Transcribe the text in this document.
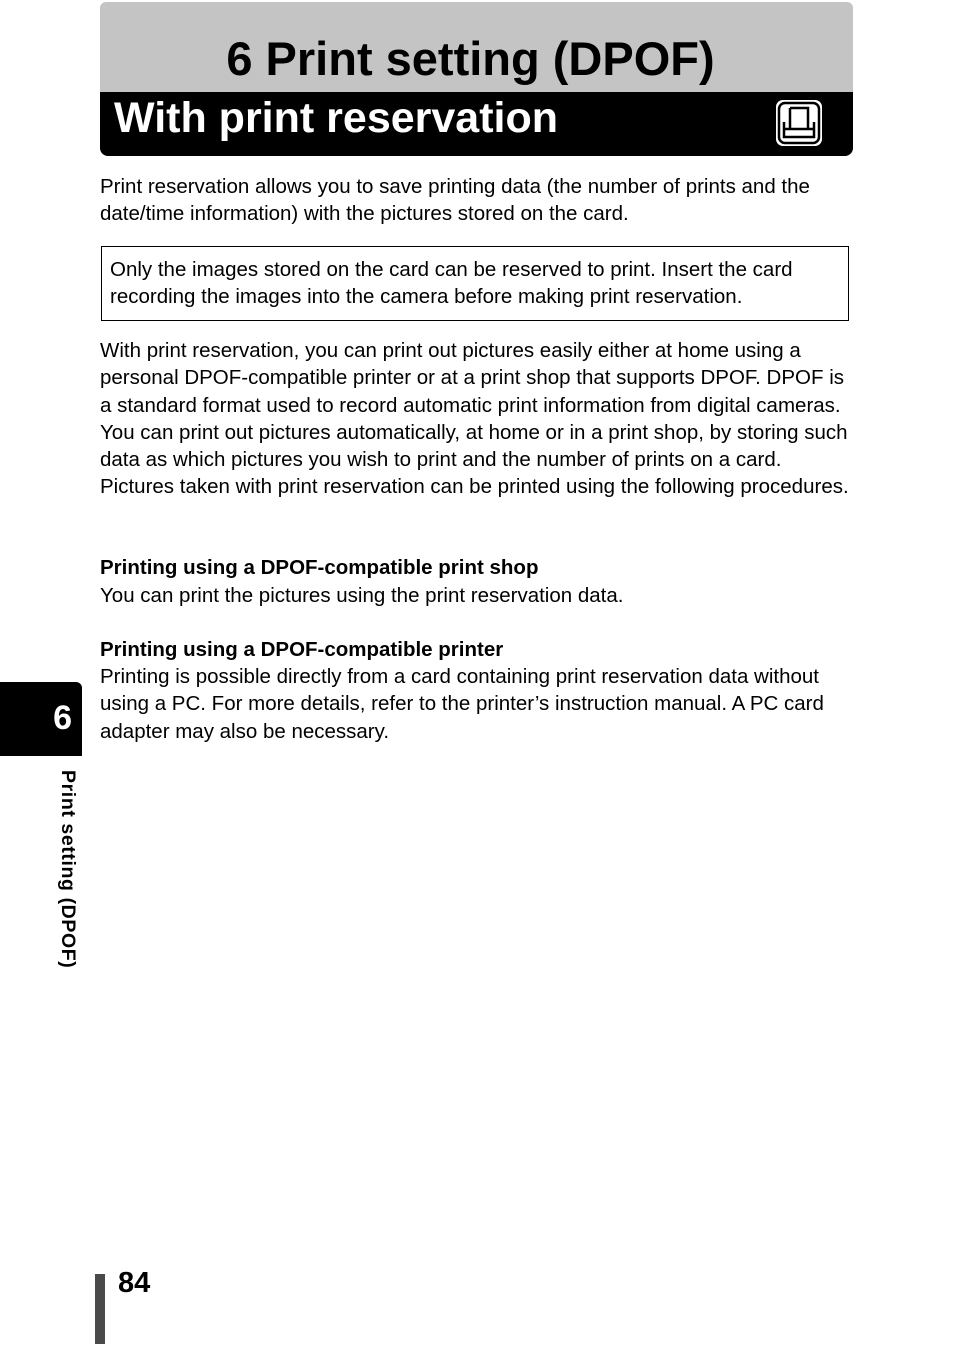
6 Print setting (DPOF)
With print reservation

Print reservation allows you to save printing data (the number of prints and the date/time information) with the pictures stored on the card.

Only the images stored on the card can be reserved to print. Insert the card
recording the images into the camera before making print reservation.

With print reservation, you can print out pictures easily either at home using a personal DPOF-compatible printer or at a print shop that supports DPOF. DPOF is a standard format used to record automatic print information from digital cameras. You can print out pictures automatically, at home or in a print shop, by storing such data as which pictures you wish to print and the number of prints on a card. Pictures taken with print reservation can be printed using the following procedures.

Printing using a DPOF-compatible print shop

You can print the pictures using the print reservation data.

Printing using a DPOF-compatible printer

Printing is possible directly from a card containing print reservation data without using a PC. For more details, refer to the printer’s instruction manual. A PC card adapter may also be necessary.

6
Print setting (DPOF)
84
